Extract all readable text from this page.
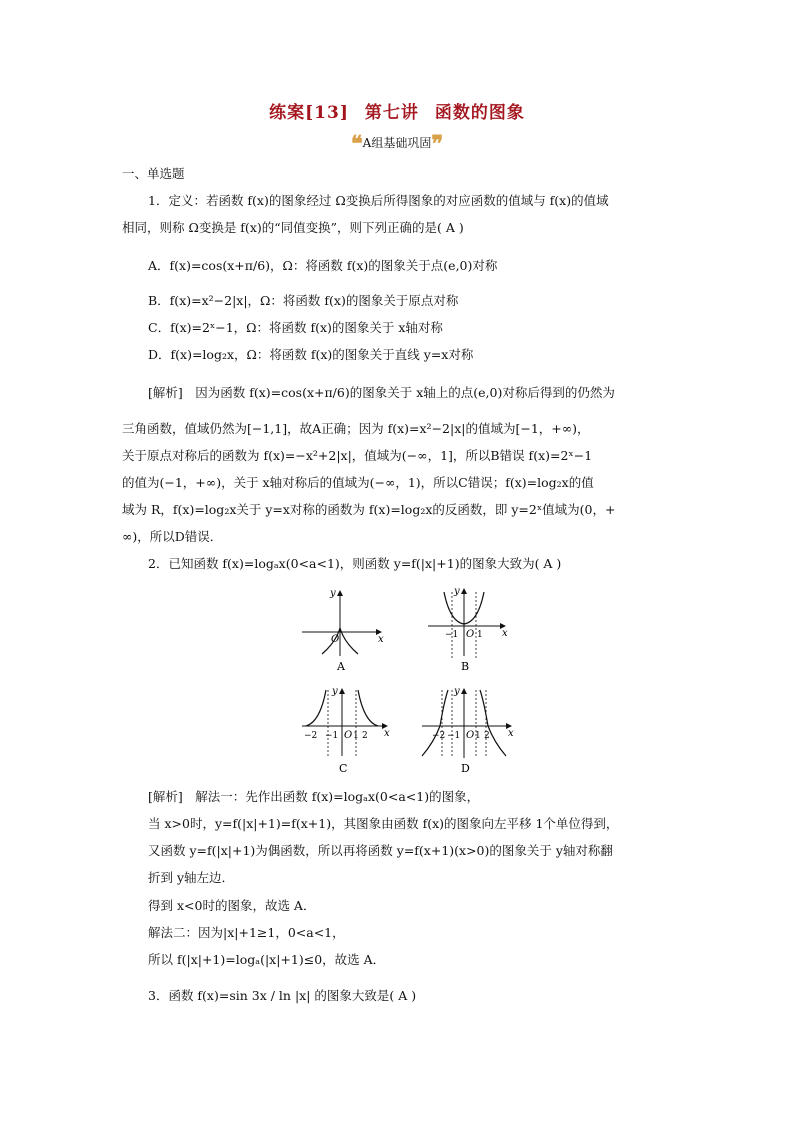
练案[13] 第七讲 函数的图象
❝A组基础巩固❞
一、单选题
1．定义：若函数 f(x)的图象经过 Ω变换后所得图象的对应函数的值域与 f(x)的值域
相同，则称 Ω变换是 f(x)的“同值变换”，则下列正确的是( A )
A．f(x)=cos(x+π/6)，Ω：将函数 f(x)的图象关于点(e,0)对称
B．f(x)=x²−2|x|，Ω：将函数 f(x)的图象关于原点对称
C．f(x)=2ˣ−1，Ω：将函数 f(x)的图象关于 x轴对称
D．f(x)=log₂x，Ω：将函数 f(x)的图象关于直线 y=x对称
[解析]　因为函数 f(x)=cos(x+π/6)的图象关于 x轴上的点(e,0)对称后得到的仍然为
三角函数，值域仍然为[−1,1]，故A正确；因为 f(x)=x²−2|x|的值域为[−1，+∞)，
关于原点对称后的函数为 f(x)=−x²+2|x|，值域为(−∞，1]，所以B错误 f(x)=2ˣ−1
的值为(−1，+∞)，关于 x轴对称后的值域为(−∞，1)，所以C错误；f(x)=log₂x的值
域为 R，f(x)=log₂x关于 y=x对称的函数为 f(x)=log₂x的反函数，即 y=2ˣ值域为(0，+
∞)，所以D错误．
2．已知函数 f(x)=logₐx(0<a<1)，则函数 y=f(|x|+1)的图象大致为( A )
O	x
y
A
−1 O 1 x
y
B
−2 −1 O 1 2 x
y
C
−2 −1 O 1 2 x
y
D
[解析]　解法一：先作出函数 f(x)=logₐx(0<a<1)的图象，
当 x>0时，y=f(|x|+1)=f(x+1)，其图象由函数 f(x)的图象向左平移 1个单位得到，
又函数 y=f(|x|+1)为偶函数，所以再将函数 y=f(x+1)(x>0)的图象关于 y轴对称翻
折到 y轴左边．
得到 x<0时的图象，故选 A．
解法二：因为|x|+1≥1，0<a<1，
所以 f(|x|+1)=logₐ(|x|+1)≤0，故选 A．
3．函数 f(x)=sin 3x / ln |x| 的图象大致是( A )
